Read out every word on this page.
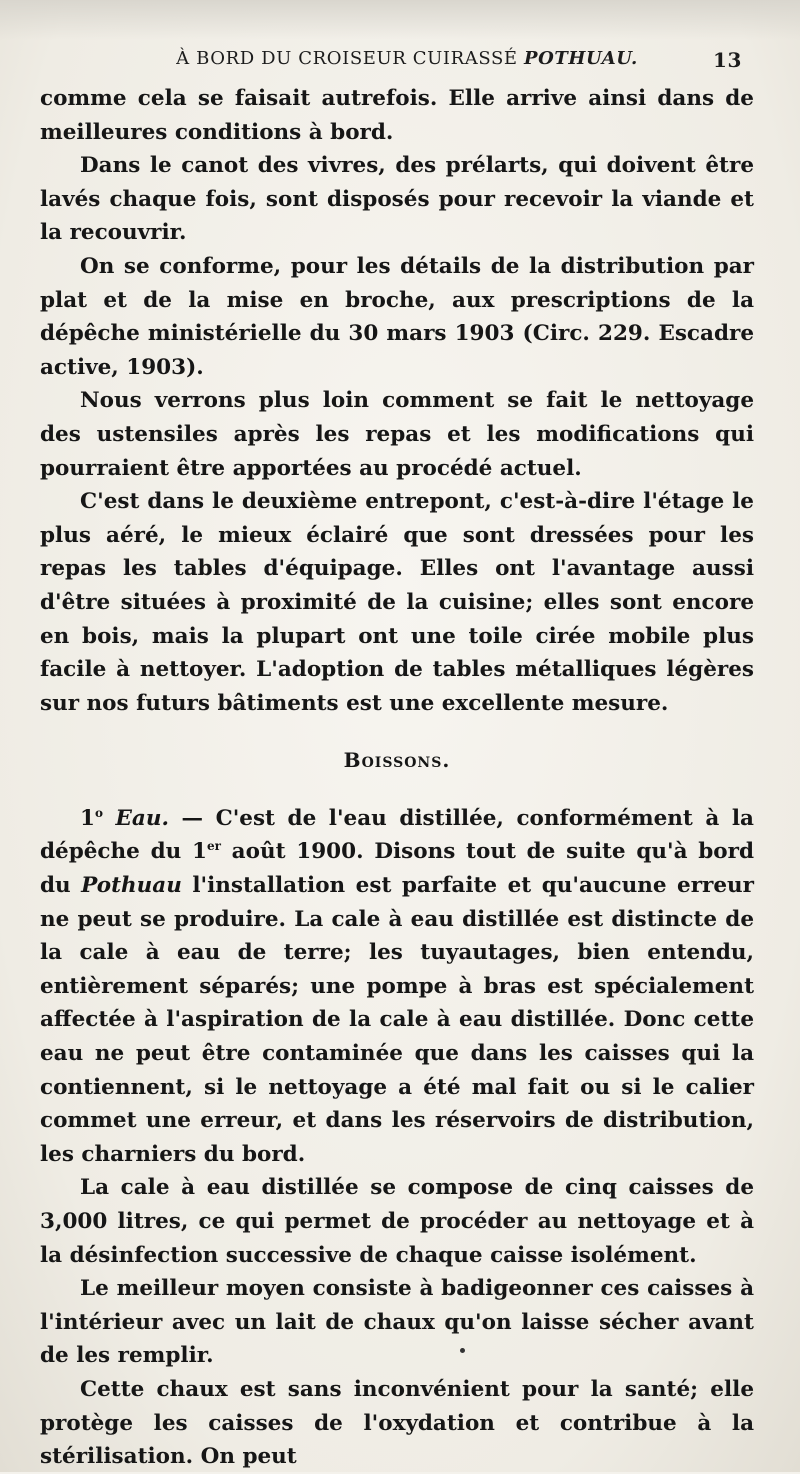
À BORD DU CROISEUR CUIRASSÉ POTHUAU.	13

comme cela se faisait autrefois. Elle arrive ainsi dans de meilleures conditions à bord.

Dans le canot des vivres, des prélarts, qui doivent être lavés chaque fois, sont disposés pour recevoir la viande et la recouvrir.

On se conforme, pour les détails de la distribution par plat et de la mise en broche, aux prescriptions de la dépêche ministérielle du 30 mars 1903 (Circ. 229. Escadre active, 1903).

Nous verrons plus loin comment se fait le nettoyage des ustensiles après les repas et les modifications qui pourraient être apportées au procédé actuel.

C'est dans le deuxième entrepont, c'est-à-dire l'étage le plus aéré, le mieux éclairé que sont dressées pour les repas les tables d'équipage. Elles ont l'avantage aussi d'être situées à proximité de la cuisine; elles sont encore en bois, mais la plupart ont une toile cirée mobile plus facile à nettoyer. L'adoption de tables métalliques légères sur nos futurs bâtiments est une excellente mesure.

Boissons.

1$^o$ Eau. — C'est de l'eau distillée, conformément à la dépêche du 1er août 1900. Disons tout de suite qu'à bord du Pothuau l'installation est parfaite et qu'aucune erreur ne peut se produire. La cale à eau distillée est distincte de la cale à eau de terre; les tuyautages, bien entendu, entièrement séparés; une pompe à bras est spécialement affectée à l'aspiration de la cale à eau distillée. Donc cette eau ne peut être contaminée que dans les caisses qui la contiennent, si le nettoyage a été mal fait ou si le calier commet une erreur, et dans les réservoirs de distribution, les charniers du bord.

La cale à eau distillée se compose de cinq caisses de 3,000 litres, ce qui permet de procéder au nettoyage et à la désinfection successive de chaque caisse isolément.

Le meilleur moyen consiste à badigeonner ces caisses à l'intérieur avec un lait de chaux qu'on laisse sécher avant de les remplir.

Cette chaux est sans inconvénient pour la santé; elle protège les caisses de l'oxydation et contribue à la stérilisation. On peut
